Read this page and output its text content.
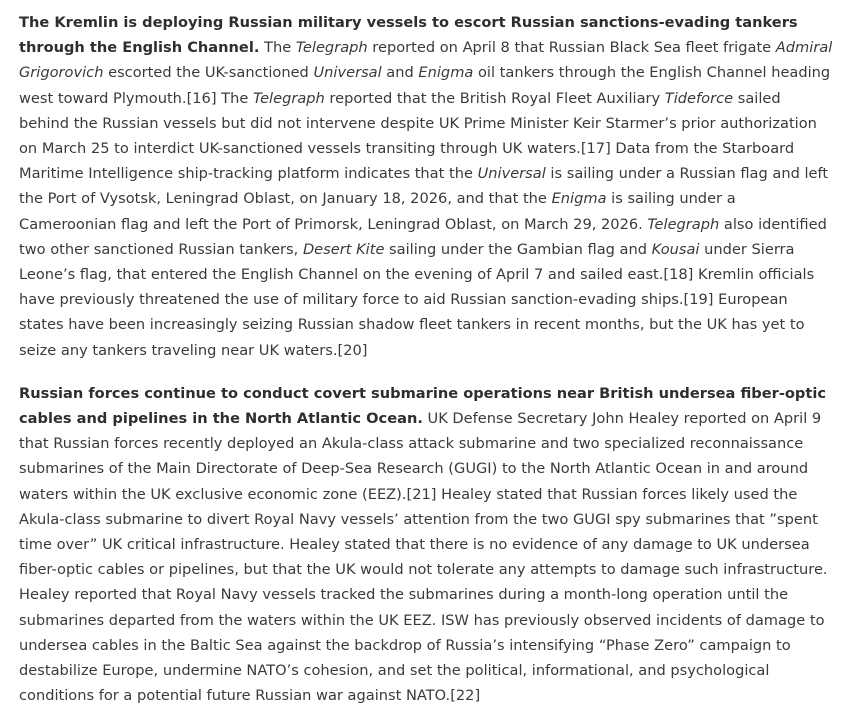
The Kremlin is deploying Russian military vessels to escort Russian sanctions-evading tankers through the English Channel. The Telegraph reported on April 8 that Russian Black Sea fleet frigate Admiral Grigorovich escorted the UK-sanctioned Universal and Enigma oil tankers through the English Channel heading west toward Plymouth.[16] The Telegraph reported that the British Royal Fleet Auxiliary Tideforce sailed behind the Russian vessels but did not intervene despite UK Prime Minister Keir Starmer’s prior authorization on March 25 to interdict UK-sanctioned vessels transiting through UK waters.[17] Data from the Starboard Maritime Intelligence ship-tracking platform indicates that the Universal is sailing under a Russian flag and left the Port of Vysotsk, Leningrad Oblast, on January 18, 2026, and that the Enigma is sailing under a Cameroonian flag and left the Port of Primorsk, Leningrad Oblast, on March 29, 2026. Telegraph also identified two other sanctioned Russian tankers, Desert Kite sailing under the Gambian flag and Kousai under Sierra Leone’s flag, that entered the English Channel on the evening of April 7 and sailed east.[18] Kremlin officials have previously threatened the use of military force to aid Russian sanction-evading ships.[19] European states have been increasingly seizing Russian shadow fleet tankers in recent months, but the UK has yet to seize any tankers traveling near UK waters.[20]

Russian forces continue to conduct covert submarine operations near British undersea fiber-optic cables and pipelines in the North Atlantic Ocean. UK Defense Secretary John Healey reported on April 9 that Russian forces recently deployed an Akula-class attack submarine and two specialized reconnaissance submarines of the Main Directorate of Deep-Sea Research (GUGI) to the North Atlantic Ocean in and around waters within the UK exclusive economic zone (EEZ).[21] Healey stated that Russian forces likely used the Akula-class submarine to divert Royal Navy vessels’ attention from the two GUGI spy submarines that ”spent time over” UK critical infrastructure. Healey stated that there is no evidence of any damage to UK undersea fiber-optic cables or pipelines, but that the UK would not tolerate any attempts to damage such infrastructure. Healey reported that Royal Navy vessels tracked the submarines during a month-long operation until the submarines departed from the waters within the UK EEZ. ISW has previously observed incidents of damage to undersea cables in the Baltic Sea against the backdrop of Russia’s intensifying “Phase Zero” campaign to destabilize Europe, undermine NATO’s cohesion, and set the political, informational, and psychological conditions for a potential future Russian war against NATO.[22]
